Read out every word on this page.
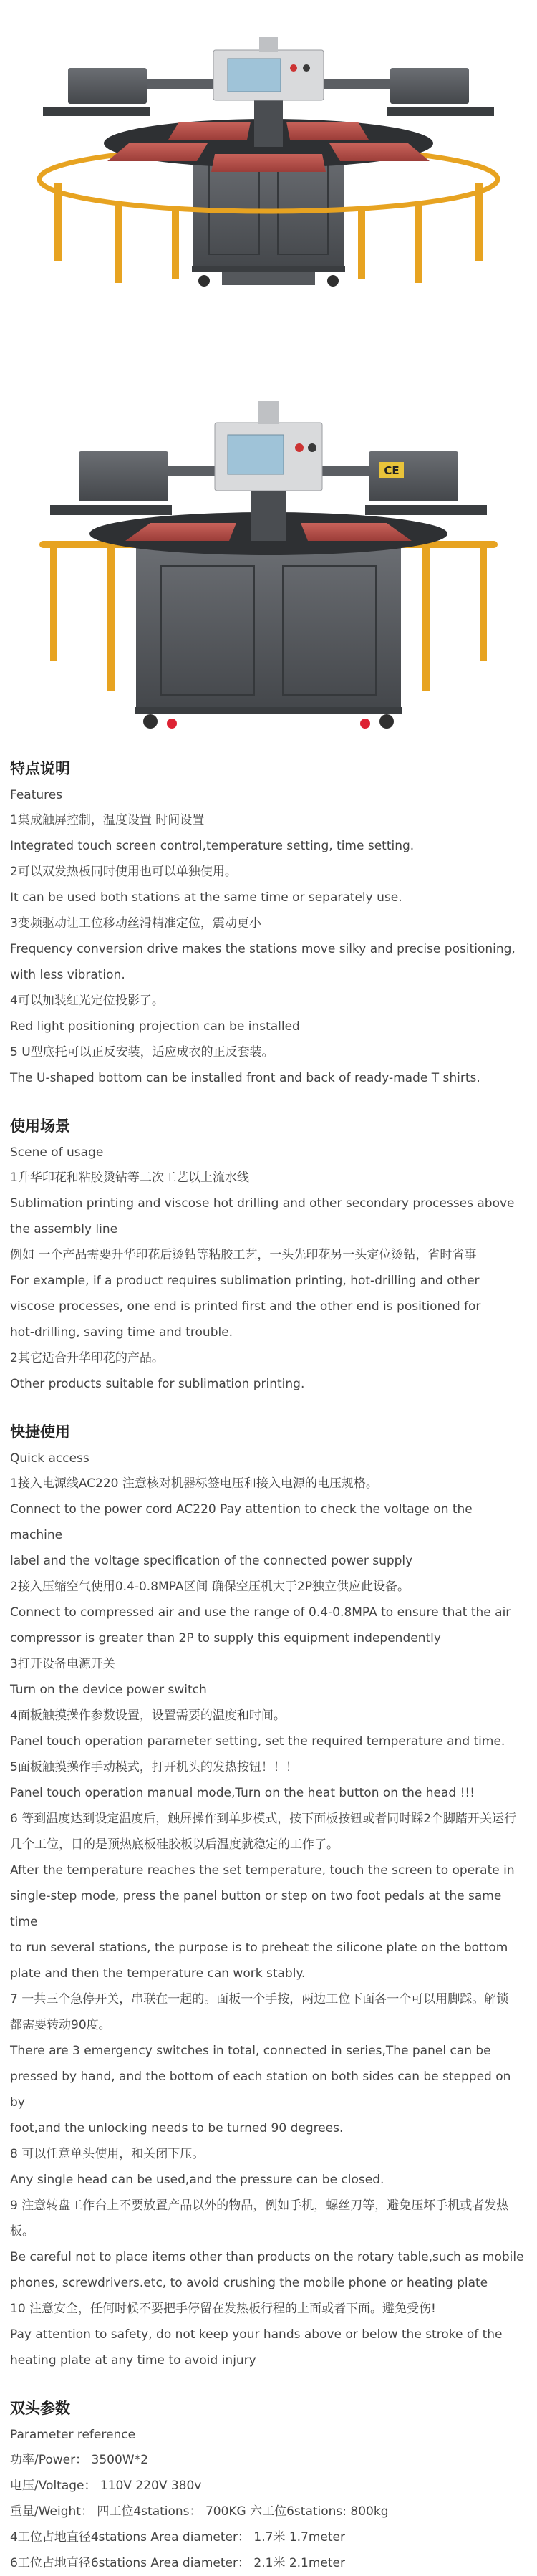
CE
特点说明

Features

1集成触屏控制，温度设置 时间设置

Integrated touch screen control,temperature setting, time setting.

2可以双发热板同时使用也可以单独使用。

It can be used both stations at the same time or separately use.

3变频驱动让工位移动丝滑精准定位，震动更小

Frequency conversion drive makes the stations move silky and precise positioning,

with less vibration.

4可以加装红光定位投影了。

Red light positioning projection can be installed

5 U型底托可以正反安装，适应成衣的正反套装。

The U-shaped bottom can be installed front and back of ready-made T shirts.

使用场景

Scene of usage

1升华印花和粘胶烫钻等二次工艺以上流水线

Sublimation printing and viscose hot drilling and other secondary processes above

the assembly line

例如 一个产品需要升华印花后烫钻等粘胶工艺，一头先印花另一头定位烫钻，省时省事

For example, if a product requires sublimation printing, hot-drilling and other

viscose processes, one end is printed first and the other end is positioned for

hot-drilling, saving time and trouble.

2其它适合升华印花的产品。

Other products suitable for sublimation printing.

快捷使用

Quick access

1接入电源线AC220 注意核对机器标签电压和接入电源的电压规格。

Connect to the power cord AC220 Pay attention to check the voltage on the machine

label and the voltage specification of the connected power supply

2接入压缩空气使用0.4-0.8MPA区间 确保空压机大于2P独立供应此设备。

Connect to compressed air and use the range of 0.4-0.8MPA to ensure that the air

compressor is greater than 2P to supply this equipment independently

3打开设备电源开关

Turn on the device power switch

4面板触摸操作参数设置，设置需要的温度和时间。

Panel touch operation parameter setting, set the required temperature and time.

5面板触摸操作手动模式，打开机头的发热按钮！！！

Panel touch operation manual mode,Turn on the heat button on the head !!!

6 等到温度达到设定温度后，触屏操作到单步模式，按下面板按钮或者同时踩2个脚踏开关运行

几个工位，目的是预热底板硅胶板以后温度就稳定的工作了。

After the temperature reaches the set temperature, touch the screen to operate in

single-step mode, press the panel button or step on two foot pedals at the same time

to run several stations, the purpose is to preheat the silicone plate on the bottom

plate and then the temperature can work stably.

7 一共三个急停开关，串联在一起的。面板一个手按，两边工位下面各一个可以用脚踩。解锁

都需要转动90度。

There are 3 emergency switches in total, connected in series,The panel can be

pressed by hand, and the bottom of each station on both sides can be stepped on by

foot,and the unlocking needs to be turned 90 degrees.

8 可以任意单头使用，和关闭下压。

Any single head can be used,and the pressure can be closed.

9 注意转盘工作台上不要放置产品以外的物品，例如手机，螺丝刀等，避免压坏手机或者发热

板。

Be careful not to place items other than products on the rotary table,such as mobile

phones, screwdrivers.etc, to avoid crushing the mobile phone or heating plate

10 注意安全，任何时候不要把手停留在发热板行程的上面或者下面。避免受伤!

Pay attention to safety, do not keep your hands above or below the stroke of the

heating plate at any time to avoid injury

双头参数

Parameter reference

功率/Power： 3500W*2

电压/Voltage： 110V 220V 380v

重量/Weight： 四工位4stations： 700KG 六工位6stations: 800kg

4工位占地直径4stations Area diameter： 1.7米 1.7meter

6工位占地直径6stations Area diameter： 2.1米 2.1meter
